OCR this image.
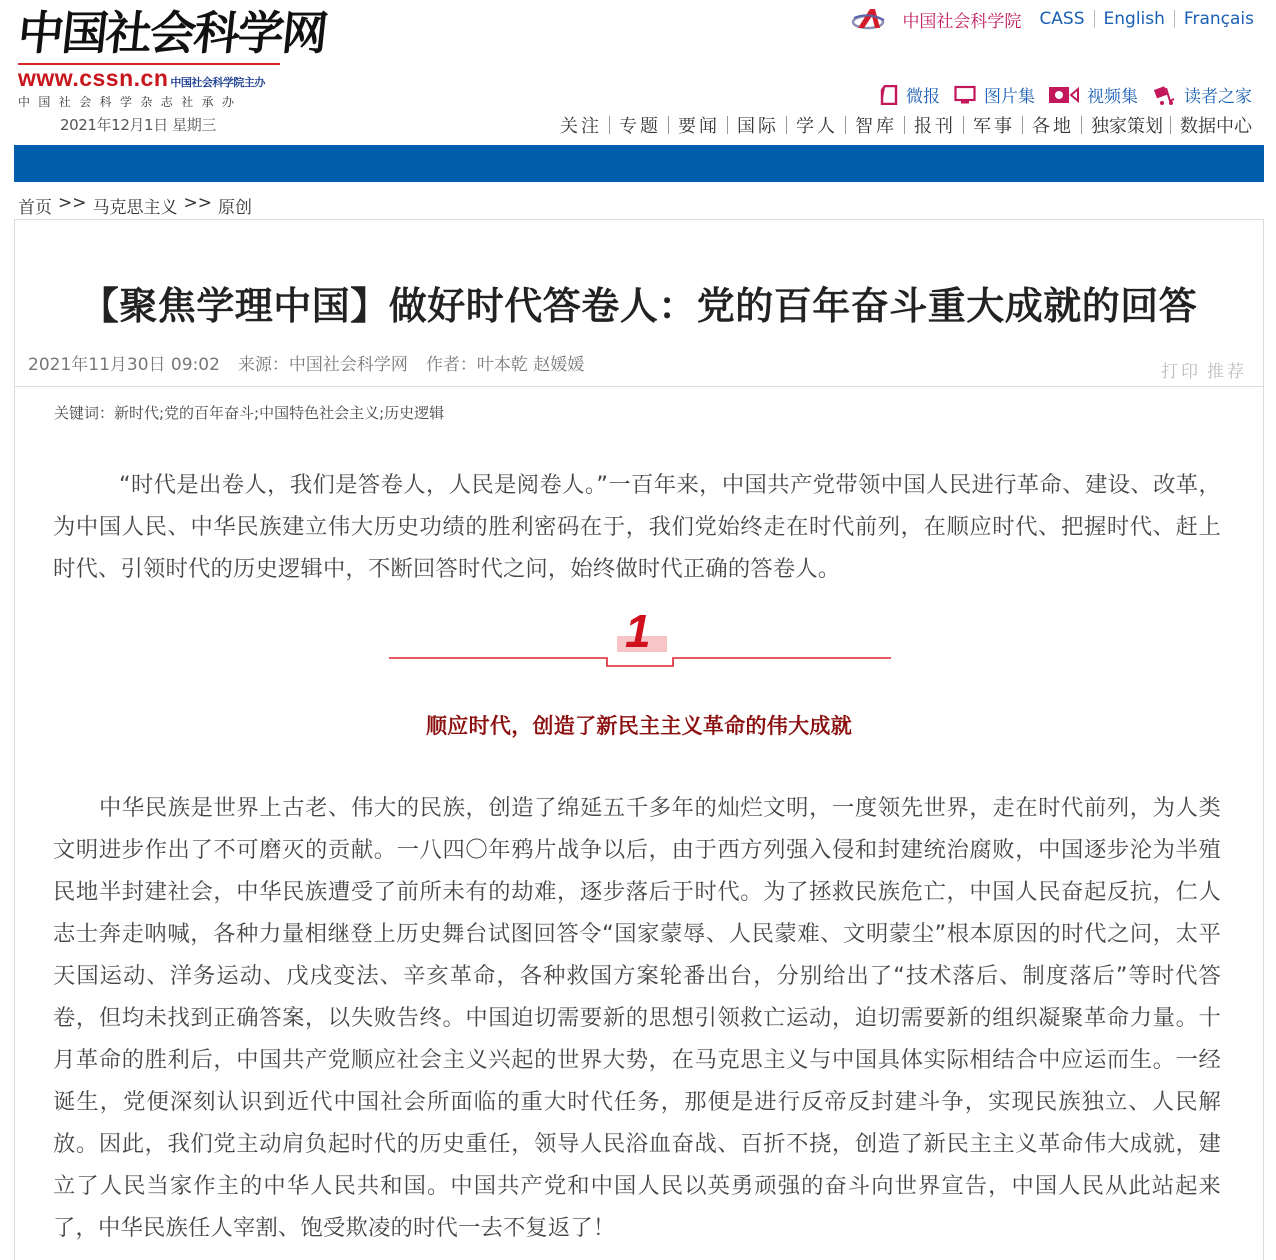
中国社会科学网
www.cssn.cn 中国社会科学院主办
中国社会科学杂志社承办
2021年12月1日 星期三
中国社会科学院 CASS English Français
微报	图片集	视频集	读者之家
关注 专题 要闻 国际 学人 智库 报刊 军事 各地 独家策划 数据中心
首页 >> 马克思主义 >> 原创
【聚焦学理中国】做好时代答卷人：党的百年奋斗重大成就的回答
2021年11月30日 09:02 来源：中国社会科学网 作者：叶本乾 赵媛媛	打印 推荐
关键词：新时代;党的百年奋斗;中国特色社会主义;历史逻辑

“时代是出卷人，我们是答卷人，人民是阅卷人。”一百年来，中国共产党带领中国人民进行革命、建设、改革，为中国人民、中华民族建立伟大历史功绩的胜利密码在于，我们党始终走在时代前列，在顺应时代、把握时代、赶上时代、引领时代的历史逻辑中，不断回答时代之问，始终做时代正确的答卷人。

1
顺应时代，创造了新民主主义革命的伟大成就

中华民族是世界上古老、伟大的民族，创造了绵延五千多年的灿烂文明，一度领先世界，走在时代前列，为人类文明进步作出了不可磨灭的贡献。一八四〇年鸦片战争以后，由于西方列强入侵和封建统治腐败，中国逐步沦为半殖民地半封建社会，中华民族遭受了前所未有的劫难，逐步落后于时代。为了拯救民族危亡，中国人民奋起反抗，仁人志士奔走呐喊，各种力量相继登上历史舞台试图回答令“国家蒙辱、人民蒙难、文明蒙尘”根本原因的时代之问，太平天国运动、洋务运动、戊戌变法、辛亥革命，各种救国方案轮番出台，分别给出了“技术落后、制度落后”等时代答卷，但均未找到正确答案，以失败告终。中国迫切需要新的思想引领救亡运动，迫切需要新的组织凝聚革命力量。十月革命的胜利后，中国共产党顺应社会主义兴起的世界大势，在马克思主义与中国具体实际相结合中应运而生。一经诞生，党便深刻认识到近代中国社会所面临的重大时代任务，那便是进行反帝反封建斗争，实现民族独立、人民解放。因此，我们党主动肩负起时代的历史重任，领导人民浴血奋战、百折不挠，创造了新民主主义革命伟大成就，建立了人民当家作主的中华人民共和国。中国共产党和中国人民以英勇顽强的奋斗向世界宣告，中国人民从此站起来了，中华民族任人宰割、饱受欺凌的时代一去不复返了！
